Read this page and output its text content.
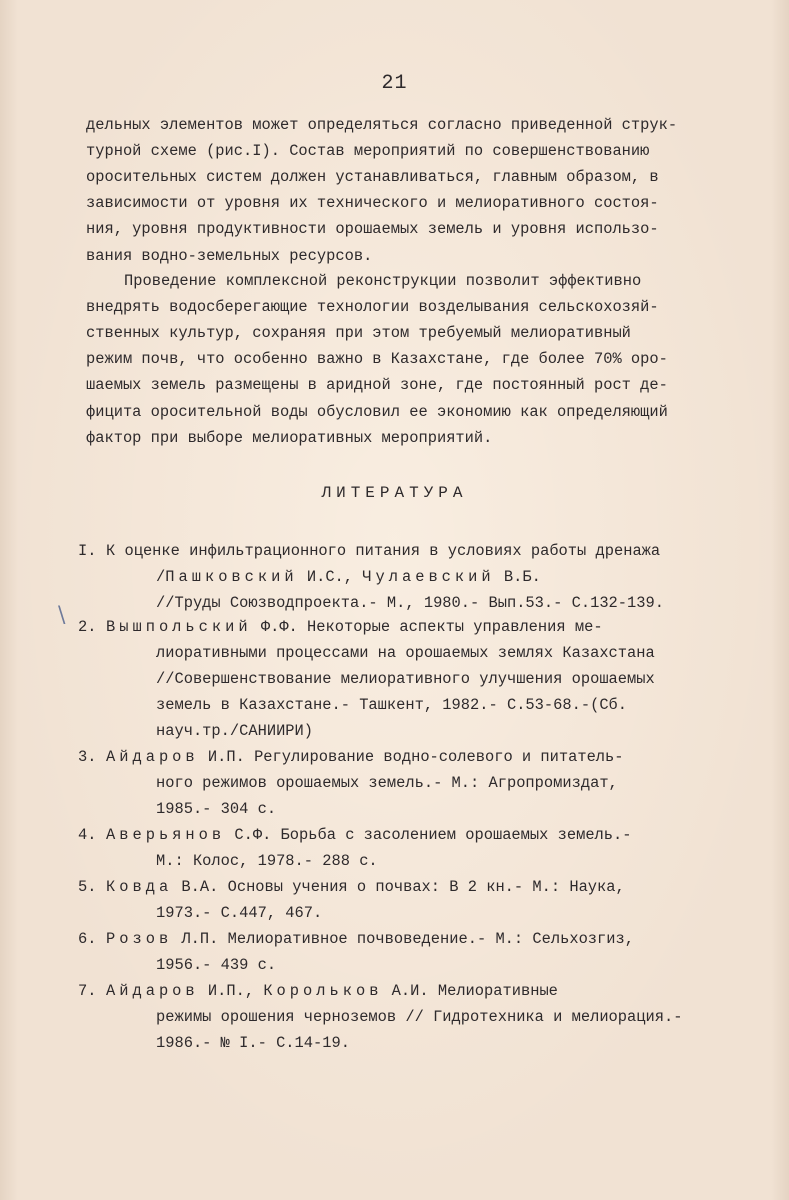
21
дельных элементов может определяться согласно приведенной струк-
турной схеме (рис.I). Состав мероприятий по совершенствованию
оросительных систем должен устанавливаться, главным образом, в
зависимости от уровня их технического и мелиоративного состоя-
ния, уровня продуктивности орошаемых земель и уровня использо-
вания водно-земельных ресурсов.
Проведение комплексной реконструкции позволит эффективно
внедрять водосберегающие технологии возделывания сельскохозяй-
ственных культур, сохраняя при этом требуемый мелиоративный
режим почв, что особенно важно в Казахстане, где более 70% оро-
шаемых земель размещены в аридной зоне, где постоянный рост де-
фицита оросительной воды обусловил ее экономию как определяющий
фактор при выборе мелиоративных мероприятий.
ЛИТЕРАТУРА
I. К оценке инфильтрационного питания в условиях работы дренажа
/Пашковский И.С., Чулаевский В.Б.
//Труды Союзводпроекта.- М., 1980.- Вып.53.- С.132-139.
2. Вышпольский Ф.Ф. Некоторые аспекты управления ме-
лиоративными процессами на орошаемых землях Казахстана
//Совершенствование мелиоративного улучшения орошаемых
земель в Казахстане.- Ташкент, 1982.- С.53-68.-(Сб.
науч.тр./САНИИРИ)
3. Айдаров И.П. Регулирование водно-солевого и питатель-
ного режимов орошаемых земель.- М.: Агропромиздат,
1985.- 304 с.
4. Аверьянов С.Ф. Борьба с засолением орошаемых земель.-
М.: Колос, 1978.- 288 с.
5. Ковда В.А. Основы учения о почвах: В 2 кн.- М.: Наука,
1973.- С.447, 467.
6. Розов Л.П. Мелиоративное почвоведение.- М.: Сельхозгиз,
1956.- 439 с.
7. Айдаров И.П., Корольков А.И. Мелиоративные
режимы орошения черноземов // Гидротехника и мелиорация.-
1986.- № I.- С.14-19.
\
